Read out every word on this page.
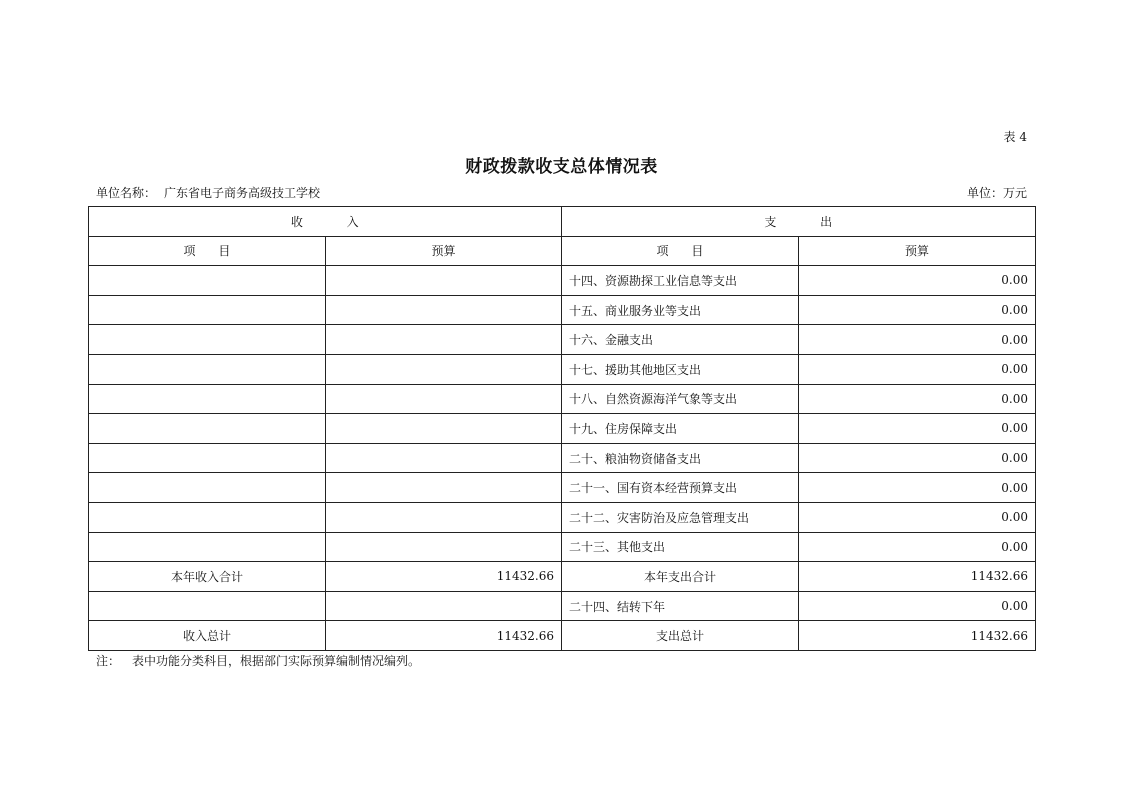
表 4
财政拨款收支总体情况表
单位名称： 广东省电子商务高级技工学校	单位：万元
收          入		支          出	
项      目	预算	项      目	预算
		十四、资源勘探工业信息等支出	0.00
		十五、商业服务业等支出	0.00
		十六、金融支出	0.00
		十七、援助其他地区支出	0.00
		十八、自然资源海洋气象等支出	0.00
		十九、住房保障支出	0.00
		二十、粮油物资储备支出	0.00
		二十一、国有资本经营预算支出	0.00
		二十二、灾害防治及应急管理支出	0.00
		二十三、其他支出	0.00
本年收入合计	11432.66	本年支出合计	11432.66
		二十四、结转下年	0.00
收入总计	11432.66	支出总计	11432.66
注： 表中功能分类科目，根据部门实际预算编制情况编列。
